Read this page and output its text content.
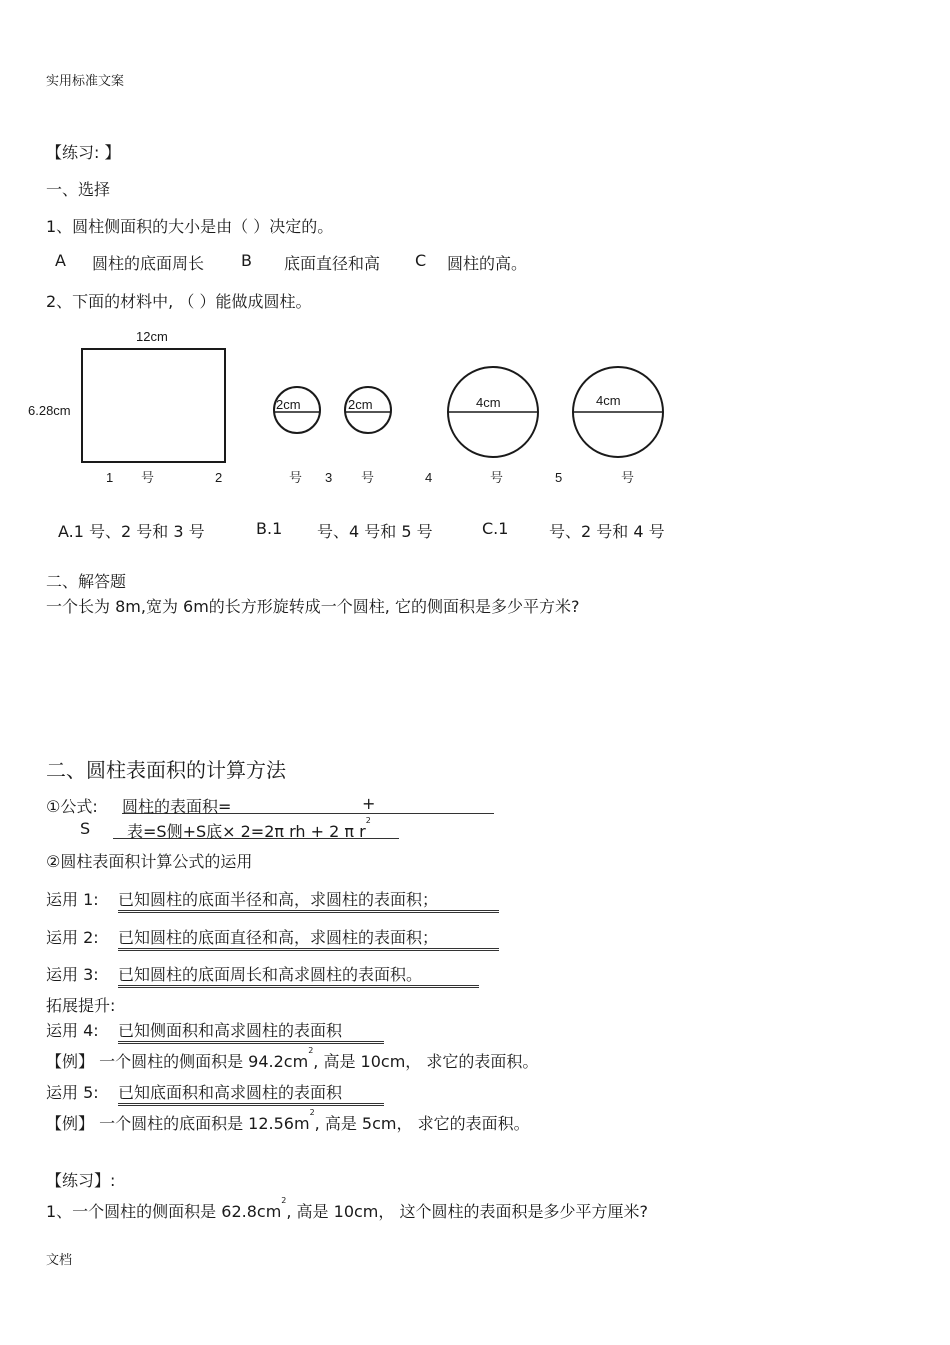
实用标准文案
【练习: 】
一、选择
1、圆柱侧面积的大小是由（ ）决定的。
A 圆柱的底面周长 B 底面直径和高 C 圆柱的高。
2、下面的材料中, （ ）能做成圆柱。
12cm
6.28cm	2cm	2cm	4cm	4cm
1 号	2	号 3 号	4	号	5	号
A.1 号、2 号和 3 号	B.1 号、4 号和 5 号	C.1	号、2 号和 4 号
二、解答题
一个长为 8m,宽为 6m的长方形旋转成一个圆柱, 它的侧面积是多少平方米?
二、圆柱表面积的计算方法
①公式: 圆柱的表面积=	+
S	表=S侧+S底× 2=2π rh + 2 π $r^2$
②圆柱表面积计算公式的运用
运用 1: 已知圆柱的底面半径和高，求圆柱的表面积；
运用 2: 已知圆柱的底面直径和高，求圆柱的表面积；
运用 3: 已知圆柱的底面周长和高求圆柱的表面积。
拓展提升:
运用 4: 已知侧面积和高求圆柱的表面积
【例】 一个圆柱的侧面积是 $94.2cm^2$, 高是 10cm， 求它的表面积。
运用 5: 已知底面积和高求圆柱的表面积
【例】 一个圆柱的底面积是 $12.56m^2$, 高是 5cm， 求它的表面积。
【练习】:
1、一个圆柱的侧面积是 $62.8cm^2$, 高是 10cm， 这个圆柱的表面积是多少平方厘米?
文档
